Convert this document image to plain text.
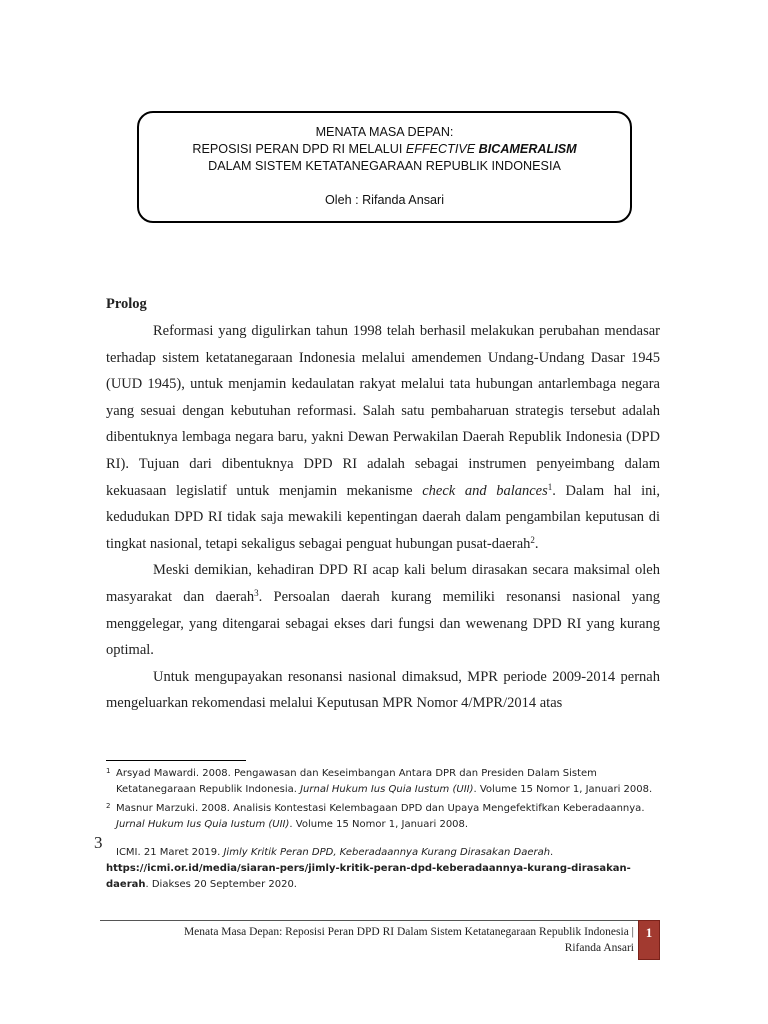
MENATA MASA DEPAN:
REPOSISI PERAN DPD RI MELALUI EFFECTIVE BICAMERALISM
DALAM SISTEM KETATANEGARAAN REPUBLIK INDONESIA
Oleh : Rifanda Ansari
Prolog

Reformasi yang digulirkan tahun 1998 telah berhasil melakukan perubahan mendasar terhadap sistem ketatanegaraan Indonesia melalui amendemen Undang-Undang Dasar 1945 (UUD 1945), untuk menjamin kedaulatan rakyat melalui tata hubungan antarlembaga negara yang sesuai dengan kebutuhan reformasi. Salah satu pembaharuan strategis tersebut adalah dibentuknya lembaga negara baru, yakni Dewan Perwakilan Daerah Republik Indonesia (DPD RI). Tujuan dari dibentuknya DPD RI adalah sebagai instrumen penyeimbang dalam kekuasaan legislatif untuk menjamin mekanisme check and balances$^1$. Dalam hal ini, kedudukan DPD RI tidak saja mewakili kepentingan daerah dalam pengambilan keputusan di tingkat nasional, tetapi sekaligus sebagai penguat hubungan pusat-daerah$^2$.

Meski demikian, kehadiran DPD RI acap kali belum dirasakan secara maksimal oleh masyarakat dan daerah$^3$. Persoalan daerah kurang memiliki resonansi nasional yang menggelegar, yang ditengarai sebagai ekses dari fungsi dan wewenang DPD RI yang kurang optimal.

Untuk mengupayakan resonansi nasional dimaksud, MPR periode 2009-2014 pernah mengeluarkan rekomendasi melalui Keputusan MPR Nomor 4/MPR/2014 atas

1 Arsyad Mawardi. 2008. Pengawasan dan Keseimbangan Antara DPR dan Presiden Dalam Sistem Ketatanegaraan Republik Indonesia. Jurnal Hukum Ius Quia Iustum (UII). Volume 15 Nomor 1, Januari 2008.
2 Masnur Marzuki. 2008. Analisis Kontestasi Kelembagaan DPD dan Upaya Mengefektifkan Keberadaannya. Jurnal Hukum Ius Quia Iustum (UII). Volume 15 Nomor 1, Januari 2008.
3
ICMI. 21 Maret 2019. Jimly Kritik Peran DPD, Keberadaannya Kurang Dirasakan Daerah.
https://icmi.or.id/media/siaran-pers/jimly-kritik-peran-dpd-keberadaannya-kurang-dirasakan-daerah. Diakses 20 September 2020.
Menata Masa Depan: Reposisi Peran DPD RI Dalam Sistem Ketatanegaraan Republik Indonesia |
Rifanda Ansari
1
